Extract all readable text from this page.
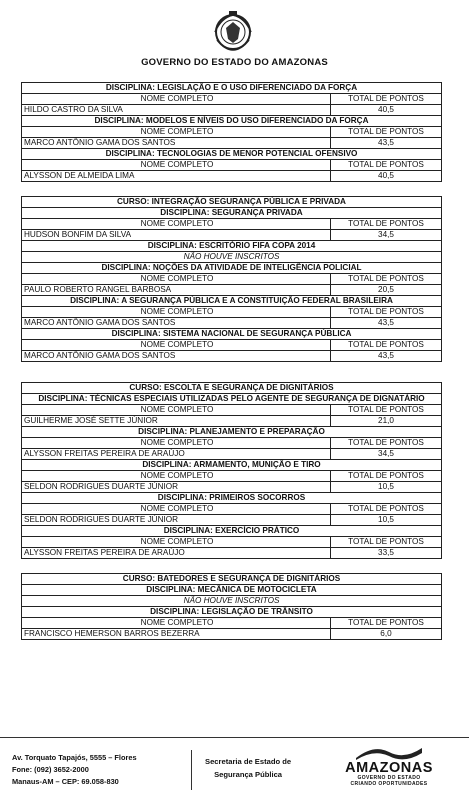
GOVERNO DO ESTADO DO AMAZONAS
DISCIPLINA: LEGISLAÇÃO E O USO DIFERENCIADO DA FORÇA
NOME COMPLETO	TOTAL DE PONTOS
HILDO CASTRO DA SILVA	40,5
DISCIPLINA: MODELOS E NÍVEIS DO USO DIFERENCIADO DA FORÇA
NOME COMPLETO	TOTAL DE PONTOS
MARCO ANTÔNIO GAMA DOS SANTOS	43,5
DISCIPLINA: TECNOLOGIAS DE MENOR POTENCIAL OFENSIVO
NOME COMPLETO	TOTAL DE PONTOS
ALYSSON DE ALMEIDA LIMA	40,5
CURSO: INTEGRAÇÃO SEGURANÇA PÚBLICA E PRIVADA
DISCIPLINA: SEGURANÇA PRIVADA
NOME COMPLETO	TOTAL DE PONTOS
HUDSON BONFIM DA SILVA	34,5
DISCIPLINA: ESCRITÓRIO FIFA COPA 2014
NÃO HOUVE INSCRITOS
DISCIPLINA: NOÇÕES DA ATIVIDADE DE INTELIGÊNCIA POLICIAL
NOME COMPLETO	TOTAL DE PONTOS
PAULO ROBERTO RANGEL BARBOSA	20,5
DISCIPLINA: A SEGURANÇA PÚBLICA E A CONSTITUIÇÃO FEDERAL BRASILEIRA
NOME COMPLETO	TOTAL DE PONTOS
MARCO ANTÔNIO GAMA DOS SANTOS	43,5
DISCIPLINA: SISTEMA NACIONAL DE SEGURANÇA PÚBLICA
NOME COMPLETO	TOTAL DE PONTOS
MARCO ANTÔNIO GAMA DOS SANTOS	43,5
CURSO: ESCOLTA E SEGURANÇA DE DIGNITÁRIOS
DISCIPLINA: TÉCNICAS ESPECIAIS UTILIZADAS PELO AGENTE DE SEGURANÇA DE DIGNATÁRIO
NOME COMPLETO	TOTAL DE PONTOS
GUILHERME JOSÉ SETTE JÚNIOR	21,0
DISCIPLINA: PLANEJAMENTO E PREPARAÇÃO
NOME COMPLETO	TOTAL DE PONTOS
ALYSSON FREITAS PEREIRA DE ARAÚJO	34,5
DISCIPLINA: ARMAMENTO, MUNIÇÃO E TIRO
NOME COMPLETO	TOTAL DE PONTOS
SELDON RODRIGUES DUARTE JÚNIOR	10,5
DISCIPLINA: PRIMEIROS SOCORROS
NOME COMPLETO	TOTAL DE PONTOS
SELDON RODRIGUES DUARTE JÚNIOR	10,5
DISCIPLINA: EXERCÍCIO PRÁTICO
NOME COMPLETO	TOTAL DE PONTOS
ALYSSON FREITAS PEREIRA DE ARAÚJO	33,5
CURSO: BATEDORES E SEGURANÇA DE DIGNITÁRIOS
DISCIPLINA: MECÂNICA DE MOTOCICLETA
NÃO HOUVE INSCRITOS
DISCIPLINA: LEGISLAÇÃO DE TRÂNSITO
NOME COMPLETO	TOTAL DE PONTOS
FRANCISCO HEMERSON BARROS BEZERRA	6,0
Av. Torquato Tapajós, 5555 – Flores
Fone: (092) 3652-2000
Manaus-AM – CEP: 69.058-830
Secretaria de Estado de
Segurança Pública	AMAZONAS
GOVERNO DO ESTADO
CRIANDO OPORTUNIDADES
